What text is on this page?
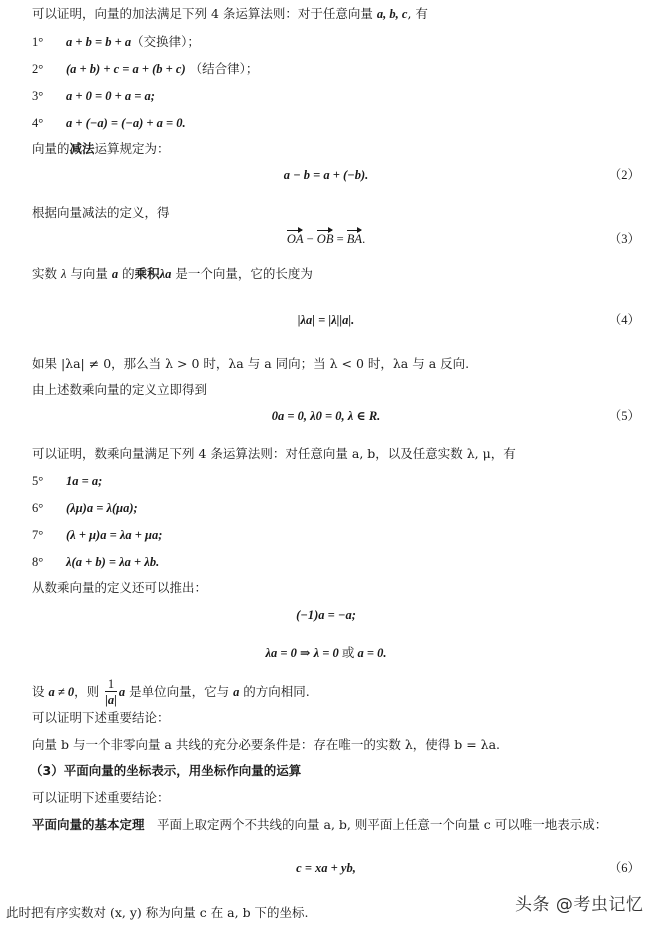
可以证明，向量的加法满足下列 4 条运算法则：对于任意向量 a, b, c, 有
1° a + b = b + a（交换律）；
2° (a + b) + c = a + (b + c) （结合律）；
3° a + 0 = 0 + a = a;
4° a + (−a) = (−a) + a = 0.
向量的减法运算规定为：
a − b = a + (−b).	（2）
根据向量减法的定义，得
OA − OB = BA.	（3）
实数 λ 与向量 a 的乘积λa 是一个向量，它的长度为
|λa| = |λ||a|.	（4）
如果 |λa| ≠ 0，那么当 λ > 0 时，λa 与 a 同向；当 λ < 0 时，λa 与 a 反向.
由上述数乘向量的定义立即得到
0a = 0, λ0 = 0, λ ∈ R.	（5）
可以证明，数乘向量满足下列 4 条运算法则：对任意向量 a, b，以及任意实数 λ, μ，有
5° 1a = a;
6° (λμ)a = λ(μa);
7° (λ + μ)a = λa + μa;
8° λ(a + b) = λa + λb.
从数乘向量的定义还可以推出：
(−1)a = −a;
λa = 0 ⇒ λ = 0 或 a = 0.
设 a ≠ 0，则 $\frac{1}{|a|}$ a 是单位向量，它与 a 的方向相同.
可以证明下述重要结论：
向量 b 与一个非零向量 a 共线的充分必要条件是：存在唯一的实数 λ，使得 b = λa.
（3）平面向量的坐标表示，用坐标作向量的运算
可以证明下述重要结论：
平面向量的基本定理　平面上取定两个不共线的向量 a, b, 则平面上任意一个向量 c 可以唯一地表示成：
c = xa + yb,	（6）
此时把有序实数对 (x, y) 称为向量 c 在 a, b 下的坐标.	头条 @考虫记忆
